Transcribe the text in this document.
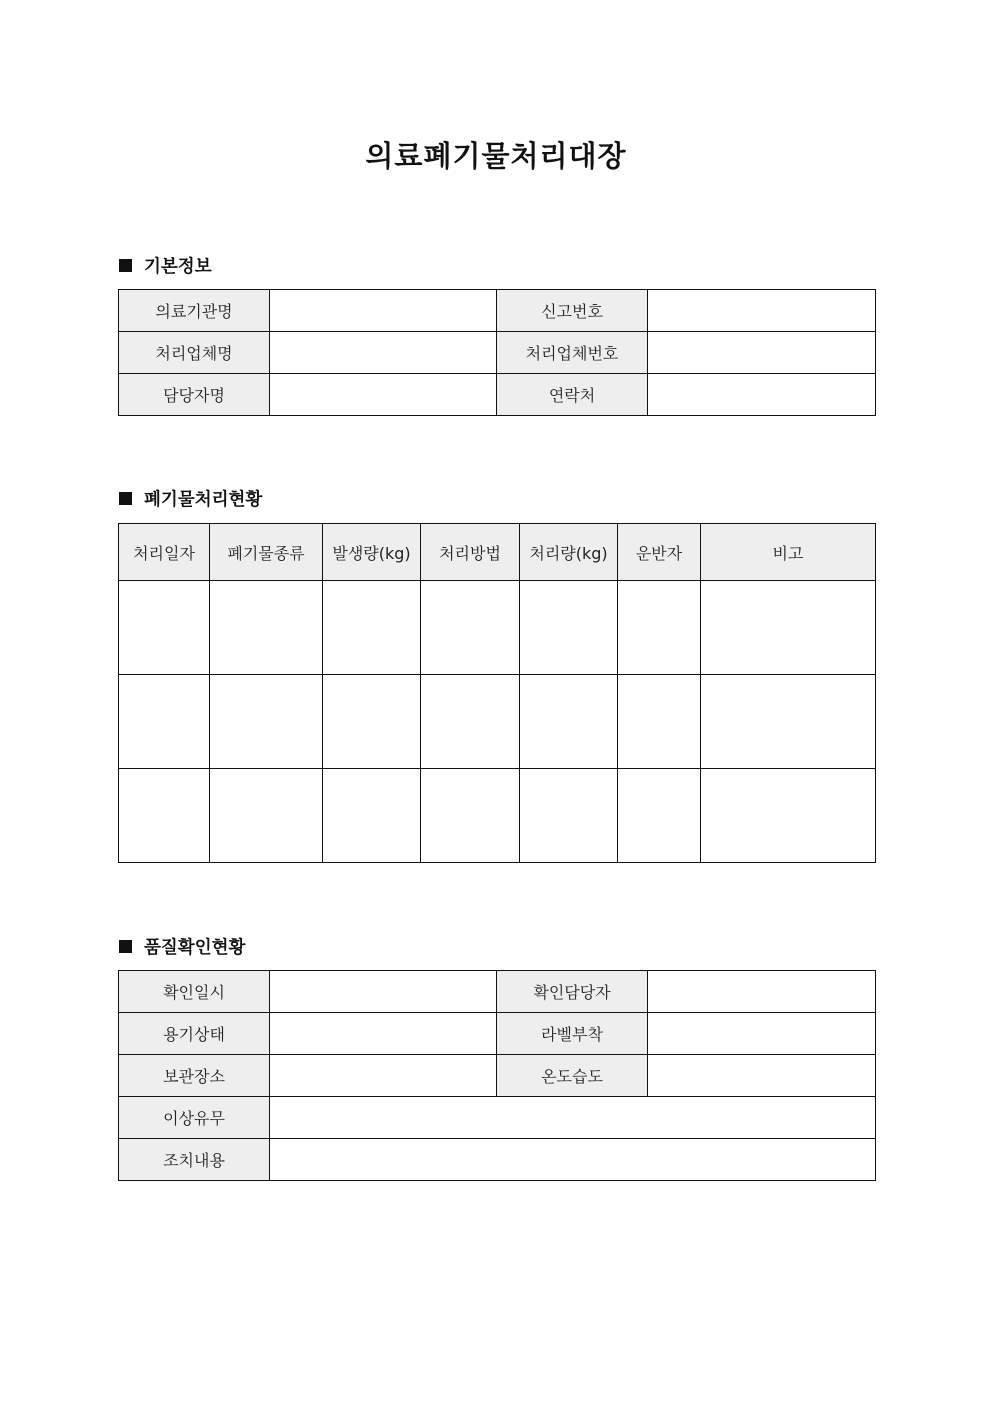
의료폐기물처리대장
기본정보
의료기관명		신고번호	
처리업체명		처리업체번호	
담당자명		연락처	
폐기물처리현황
처리일자	폐기물종류	발생량(kg)	처리방법	처리량(kg)	운반자	비고

품질확인현황
확인일시		확인담당자	
용기상태		라벨부착	
보관장소		온도습도	
이상유무			
조치내용			
